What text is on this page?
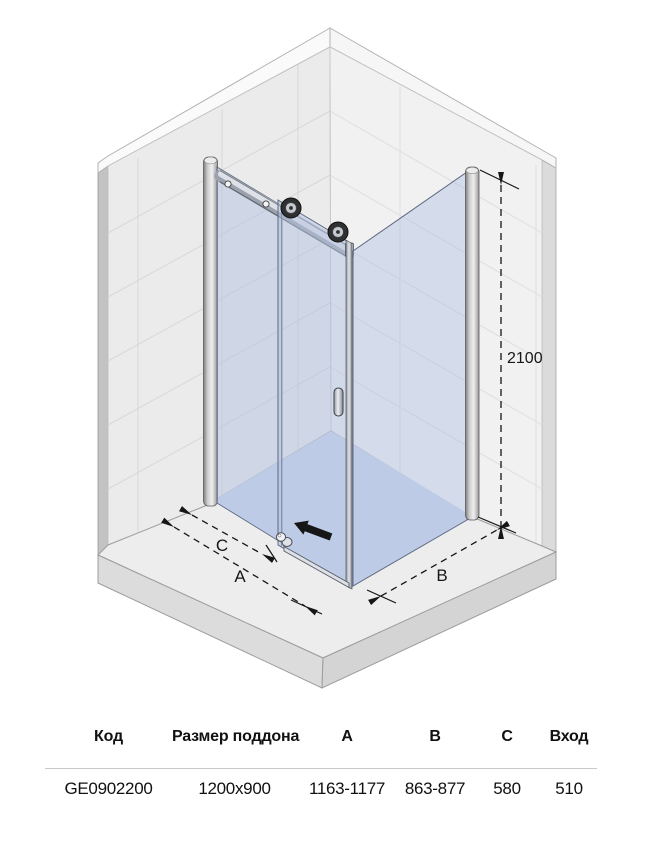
2100
C
A	B
Код	Размер поддона	A	B	C	Вход
GE0902200	1200x900	1163-1177	863-877	580	510
